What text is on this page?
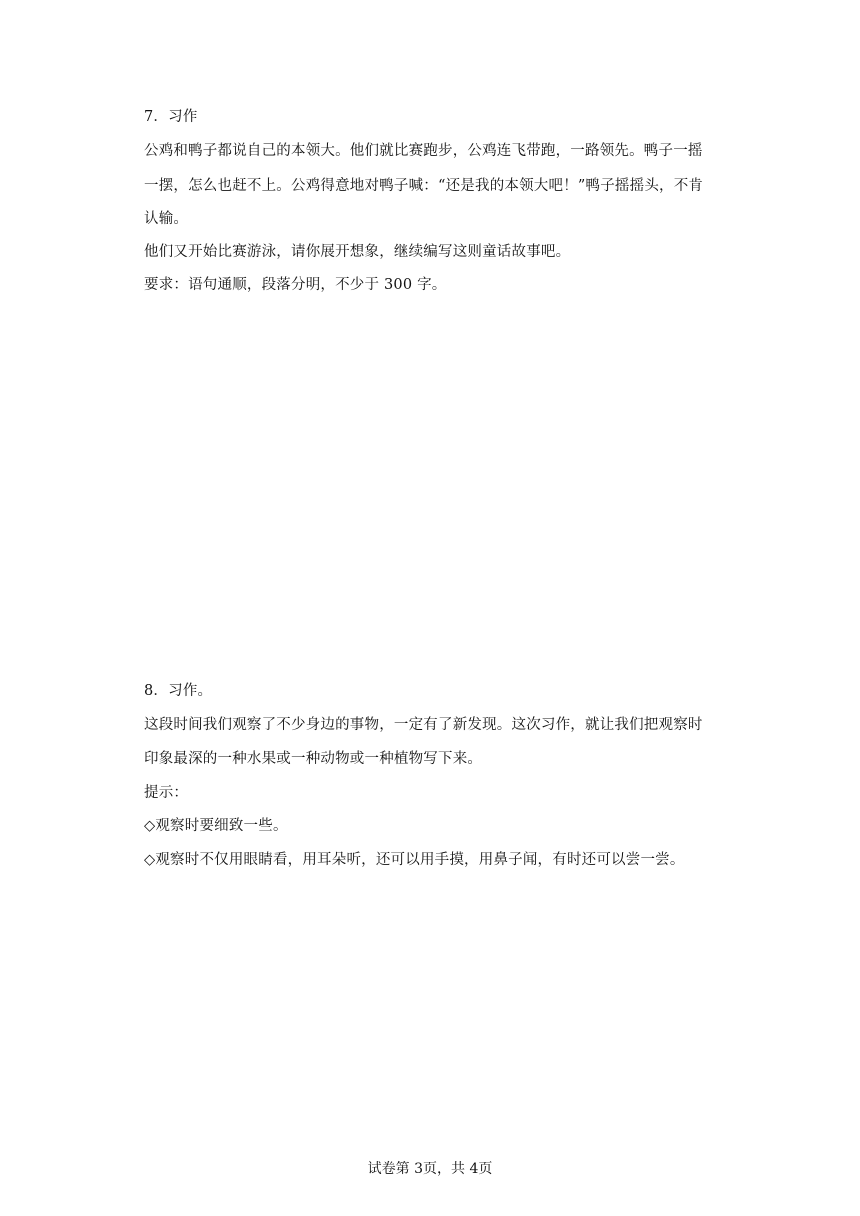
7．习作
公鸡和鸭子都说自己的本领大。他们就比赛跑步，公鸡连飞带跑，一路领先。鸭子一摇
一摆，怎么也赶不上。公鸡得意地对鸭子喊：“还是我的本领大吧！”鸭子摇摇头，不肯
认输。
他们又开始比赛游泳，请你展开想象，继续编写这则童话故事吧。
要求：语句通顺，段落分明，不少于 300 字。
8．习作。
这段时间我们观察了不少身边的事物，一定有了新发现。这次习作，就让我们把观察时
印象最深的一种水果或一种动物或一种植物写下来。
提示：
◇观察时要细致一些。
◇观察时不仅用眼睛看，用耳朵听，还可以用手摸，用鼻子闻，有时还可以尝一尝。
试卷第 3页，共 4页
